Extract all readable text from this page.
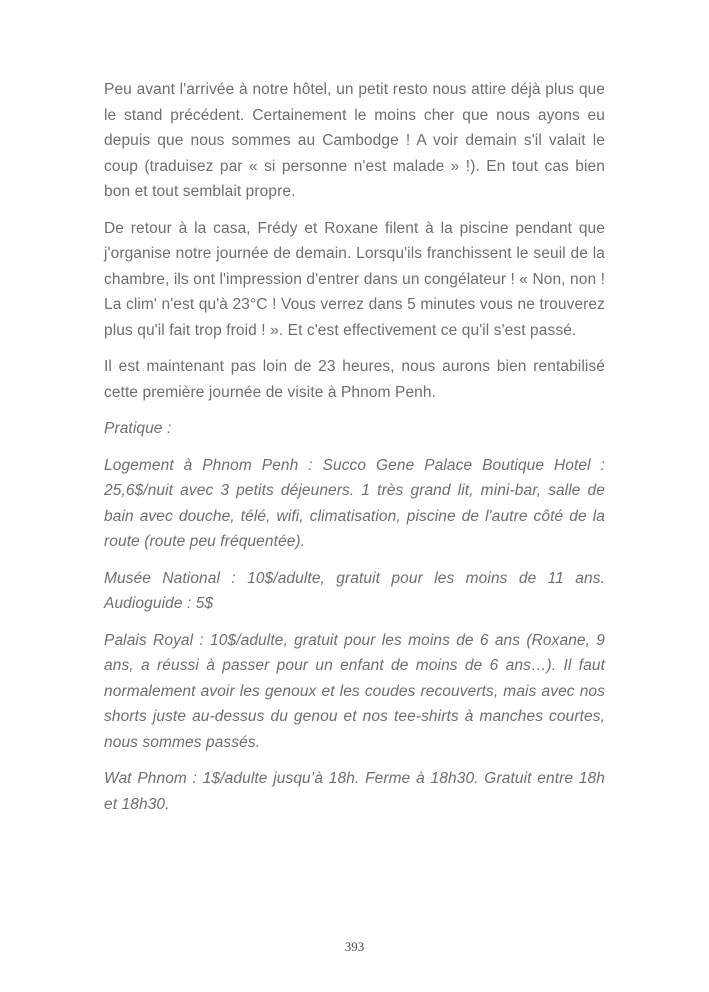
Peu avant l'arrivée à notre hôtel, un petit resto nous attire déjà plus que le stand précédent. Certainement le moins cher que nous ayons eu depuis que nous sommes au Cambodge ! A voir demain s'il valait le coup (traduisez par « si personne n'est malade » !). En tout cas bien bon et tout semblait propre.

De retour à la casa, Frédy et Roxane filent à la piscine pendant que j'organise notre journée de demain. Lorsqu'ils franchissent le seuil de la chambre, ils ont l'impression d'entrer dans un congélateur ! « Non, non ! La clim' n'est qu'à 23°C ! Vous verrez dans 5 minutes vous ne trouverez plus qu'il fait trop froid ! ». Et c'est effectivement ce qu'il s'est passé.

Il est maintenant pas loin de 23 heures, nous aurons bien rentabilisé cette première journée de visite à Phnom Penh.

Pratique :

Logement à Phnom Penh : Succo Gene Palace Boutique Hotel : 25,6$/nuit avec 3 petits déjeuners. 1 très grand lit, mini-bar, salle de bain avec douche, télé, wifi, climatisation, piscine de l'autre côté de la route (route peu fréquentée).

Musée National : 10$/adulte, gratuit pour les moins de 11 ans. Audioguide : 5$

Palais Royal : 10$/adulte, gratuit pour les moins de 6 ans (Roxane, 9 ans, a réussi à passer pour un enfant de moins de 6 ans…). Il faut normalement avoir les genoux et les coudes recouverts, mais avec nos shorts juste au-dessus du genou et nos tee-shirts à manches courtes, nous sommes passés.

Wat Phnom : 1$/adulte jusqu’à 18h. Ferme à 18h30. Gratuit entre 18h et 18h30.

393
